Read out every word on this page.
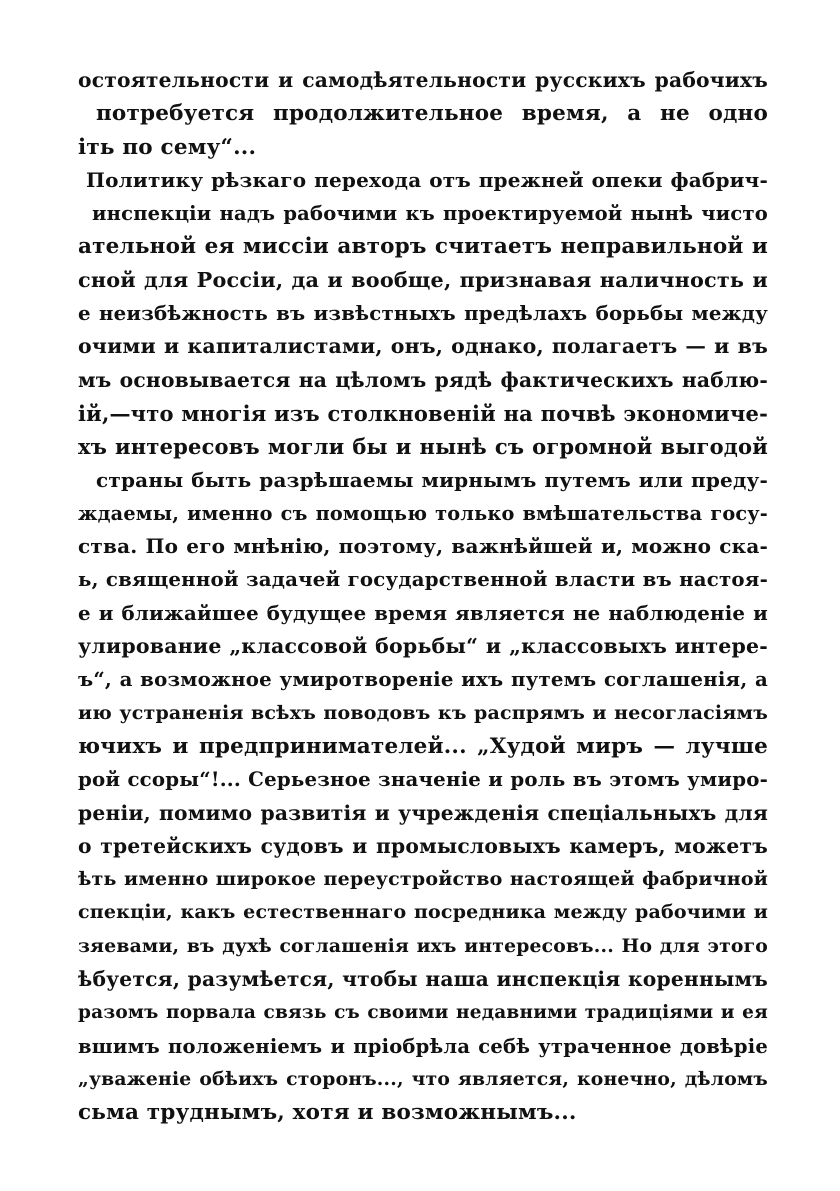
остоятельности и самодѣятельности русскихъ рабочихъ
потребуется продолжительное время, а не одно
іть по сему“...
Политику рѣзкаго перехода отъ прежней опеки фабрич-
инспекціи надъ рабочими къ проектируемой нынѣ чисто
ательной ея миссіи авторъ считаетъ неправильной и
сной для Россіи, да и вообще, признавая наличность и
е неизбѣжность въ извѣстныхъ предѣлахъ борьбы между
очими и капиталистами, онъ, однако, полагаетъ — и въ
мъ основывается на цѣломъ рядѣ фактическихъ наблю-
ій,—что многія изъ столкновеній на почвѣ экономиче-
хъ интересовъ могли бы и нынѣ съ огромной выгодой
страны быть разрѣшаемы мирнымъ путемъ или преду-
ждаемы, именно съ помощью только вмѣшательства госу-
ства. По его мнѣнію, поэтому, важнѣйшей и, можно ска-
ь, священной задачей государственной власти въ настоя-
е и ближайшее будущее время является не наблюденіе и
улирование „классовой борьбы“ и „классовыхъ интере-
ъ“, а возможное умиротвореніе ихъ путемъ соглашенія, а
ию устраненія всѣхъ поводовъ къ распрямъ и несогласіямъ
ючихъ и предпринимателей... „Худой миръ — лучше
рой ссоры“!... Серьезное значеніе и роль въ этомъ умиро-
реніи, помимо развитія и учрежденія спеціальныхъ для
о третейскихъ судовъ и промысловыхъ камеръ, можетъ
ѣть именно широкое переустройство настоящей фабричной
спекціи, какъ естественнаго посредника между рабочими и
зяевами, въ духѣ соглашенія ихъ интересовъ... Но для этого
ѣбуется, разумѣется, чтобы наша инспекція кореннымъ
разомъ порвала связь съ своими недавними традиціями и ея
вшимъ положеніемъ и пріобрѣла себѣ утраченное довѣріе
„уваженіе обѣихъ сторонъ..., что является, конечно, дѣломъ
сьма труднымъ, хотя и возможнымъ...
